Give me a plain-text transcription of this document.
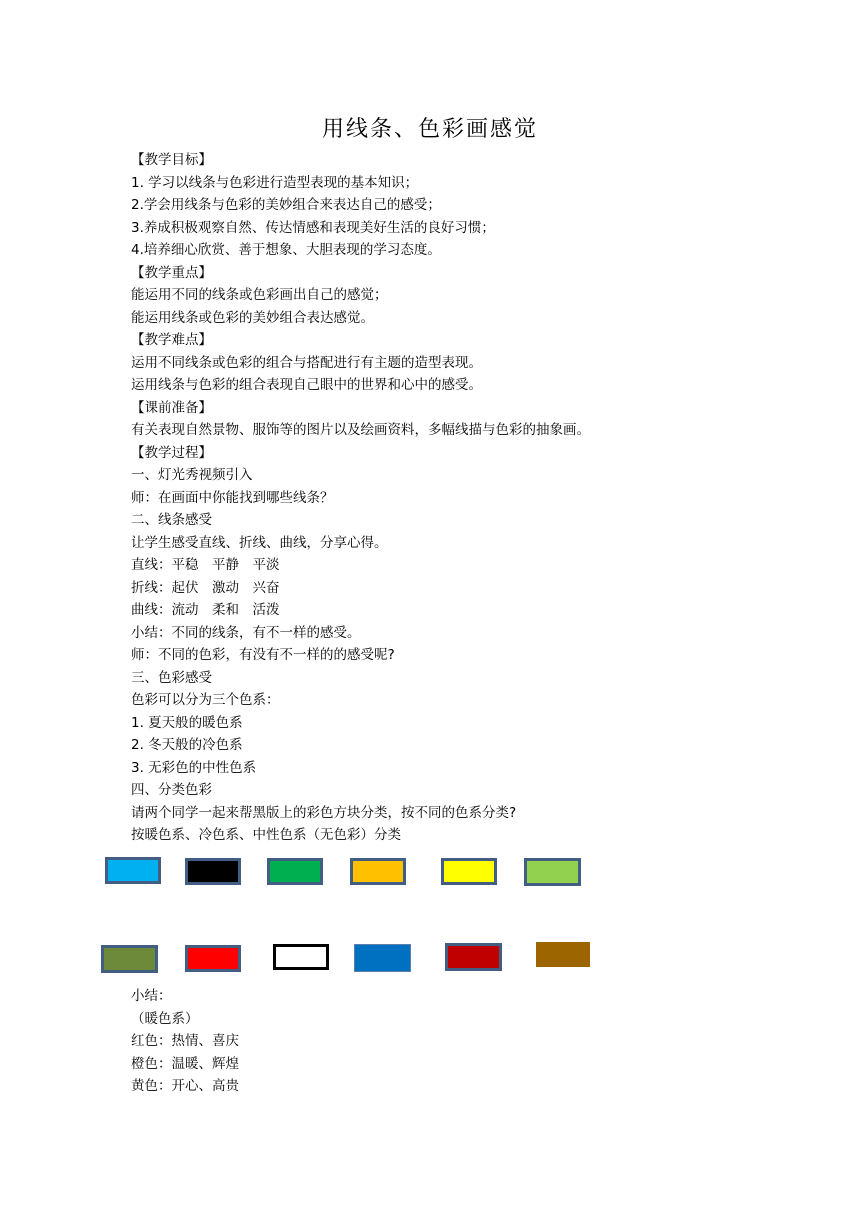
用线条、色彩画感觉
【教学目标】
1. 学习以线条与色彩进行造型表现的基本知识；
2.学会用线条与色彩的美妙组合来表达自己的感受；
3.养成积极观察自然、传达情感和表现美好生活的良好习惯；
4.培养细心欣赏、善于想象、大胆表现的学习态度。
【教学重点】
能运用不同的线条或色彩画出自己的感觉；
能运用线条或色彩的美妙组合表达感觉。
【教学难点】
运用不同线条或色彩的组合与搭配进行有主题的造型表现。
运用线条与色彩的组合表现自己眼中的世界和心中的感受。
【课前准备】
有关表现自然景物、服饰等的图片以及绘画资料，多幅线描与色彩的抽象画。
【教学过程】
一、灯光秀视频引入
师：在画面中你能找到哪些线条？
二、线条感受
让学生感受直线、折线、曲线，分享心得。
直线：平稳　平静　平淡
折线：起伏　激动　兴奋
曲线：流动　柔和　活泼
小结：不同的线条，有不一样的感受。
师：不同的色彩，有没有不一样的的感受呢?
三、色彩感受
色彩可以分为三个色系：
1. 夏天般的暖色系
2. 冬天般的冷色系
3. 无彩色的中性色系
四、分类色彩
请两个同学一起来帮黑版上的彩色方块分类，按不同的色系分类?
按暖色系、冷色系、中性色系（无色彩）分类
小结：
（暖色系）
红色：热情、喜庆
橙色：温暖、辉煌
黄色：开心、高贵
